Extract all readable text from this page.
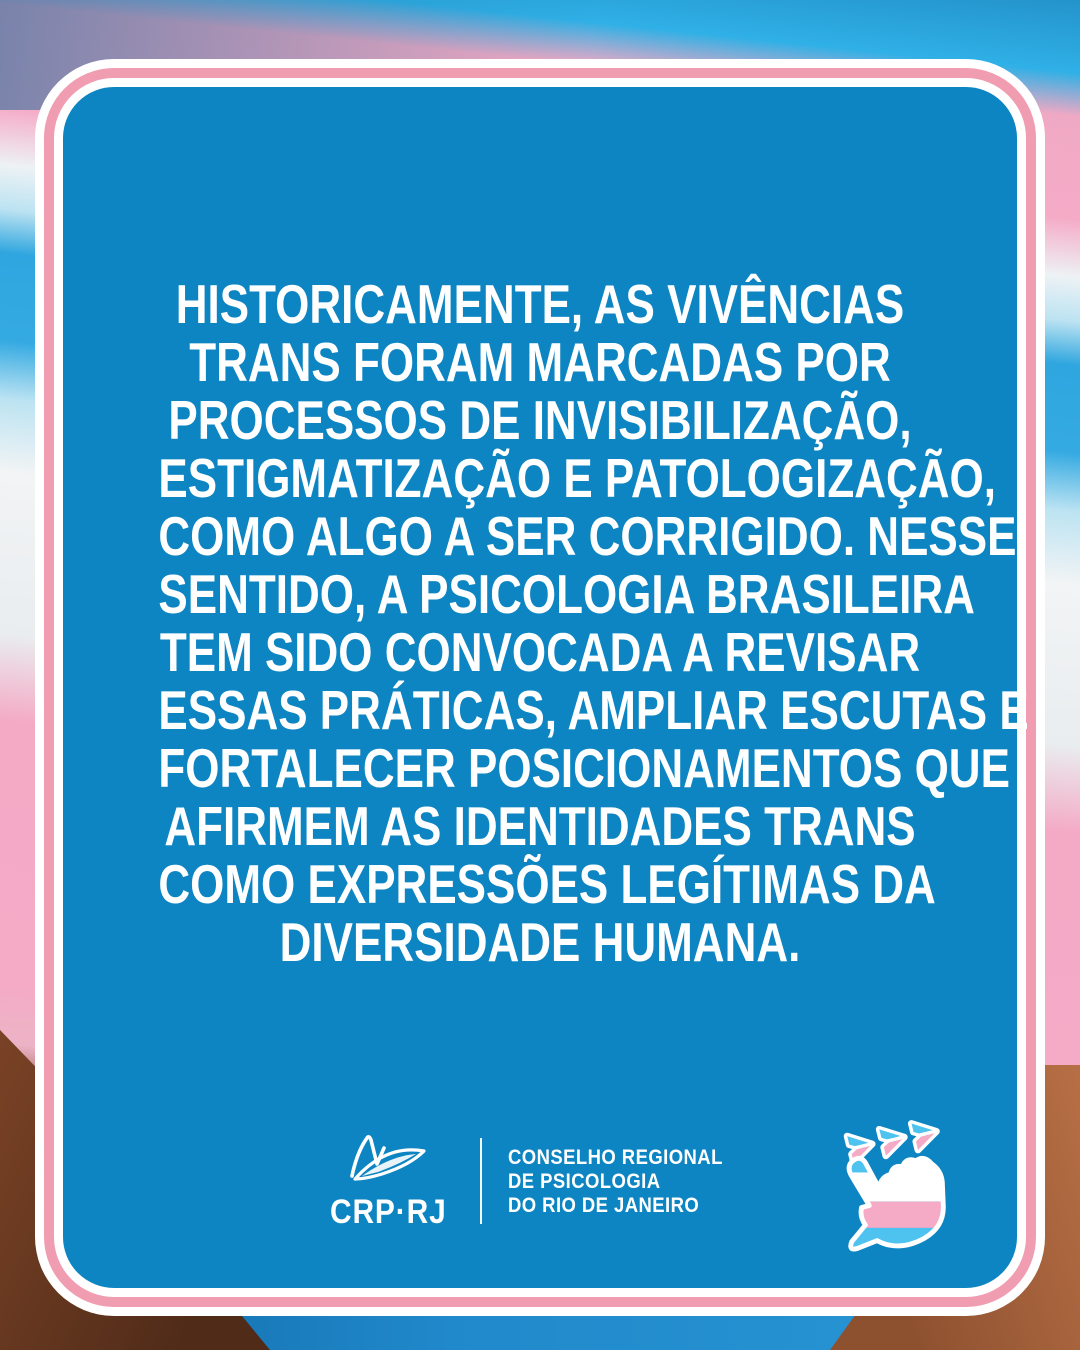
HISTORICAMENTE, AS VIVÊNCIAS
TRANS FORAM MARCADAS POR
PROCESSOS DE INVISIBILIZAÇÃO,
ESTIGMATIZAÇÃO E PATOLOGIZAÇÃO,
COMO ALGO A SER CORRIGIDO. NESSE
SENTIDO, A PSICOLOGIA BRASILEIRA
TEM SIDO CONVOCADA A REVISAR
ESSAS PRÁTICAS, AMPLIAR ESCUTAS E
FORTALECER POSICIONAMENTOS QUE
AFIRMEM AS IDENTIDADES TRANS
COMO EXPRESSÕES LEGÍTIMAS DA
DIVERSIDADE HUMANA.
CRP·RJ
CONSELHO REGIONAL
DE PSICOLOGIA
DO RIO DE JANEIRO
